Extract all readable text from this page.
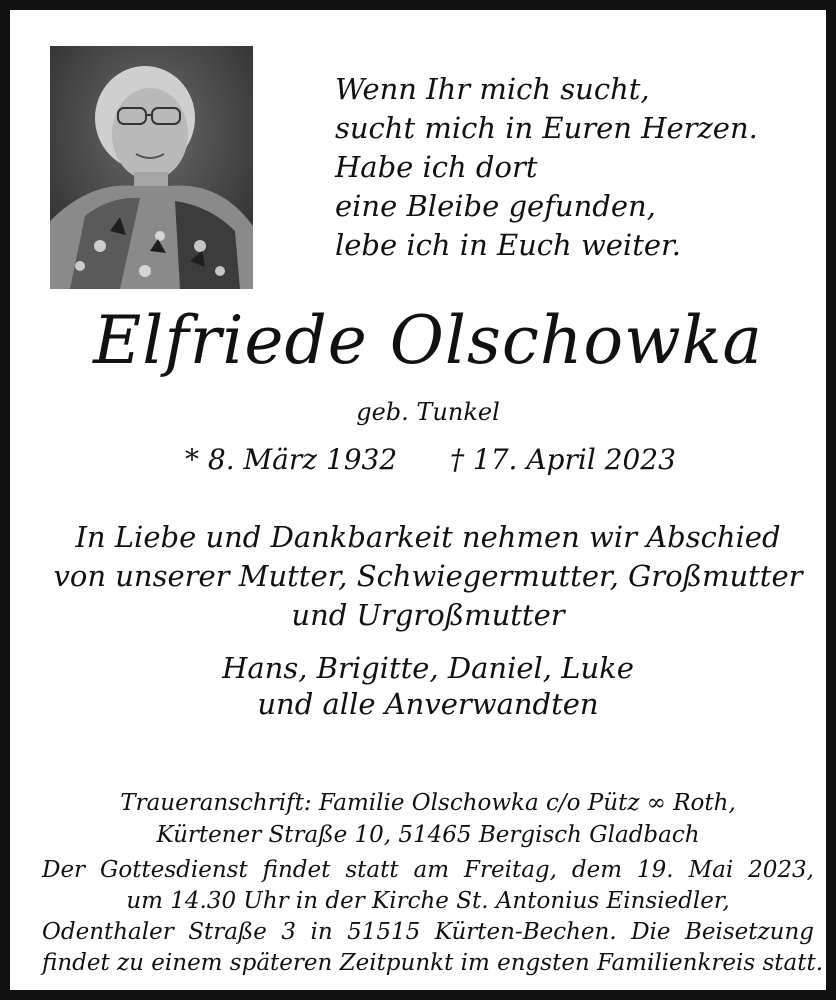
Wenn Ihr mich sucht,
sucht mich in Euren Herzen.
Habe ich dort
eine Bleibe gefunden,
lebe ich in Euch weiter.
Elfriede Olschowka
geb. Tunkel
* 8. März 1932 † 17. April 2023
In Liebe und Dankbarkeit nehmen wir Abschied
von unserer Mutter, Schwiegermutter, Großmutter
und Urgroßmutter
Hans, Brigitte, Daniel, Luke
und alle Anverwandten
Traueranschrift: Familie Olschowka c/o Pütz ∞ Roth,
Kürtener Straße 10, 51465 Bergisch Gladbach
Der Gottesdienst findet statt am Freitag, dem 19. Mai 2023,
um 14.30 Uhr in der Kirche St. Antonius Einsiedler,
Odenthaler Straße 3 in 51515 Kürten-Bechen. Die Beisetzung
findet zu einem späteren Zeitpunkt im engsten Familienkreis statt.
